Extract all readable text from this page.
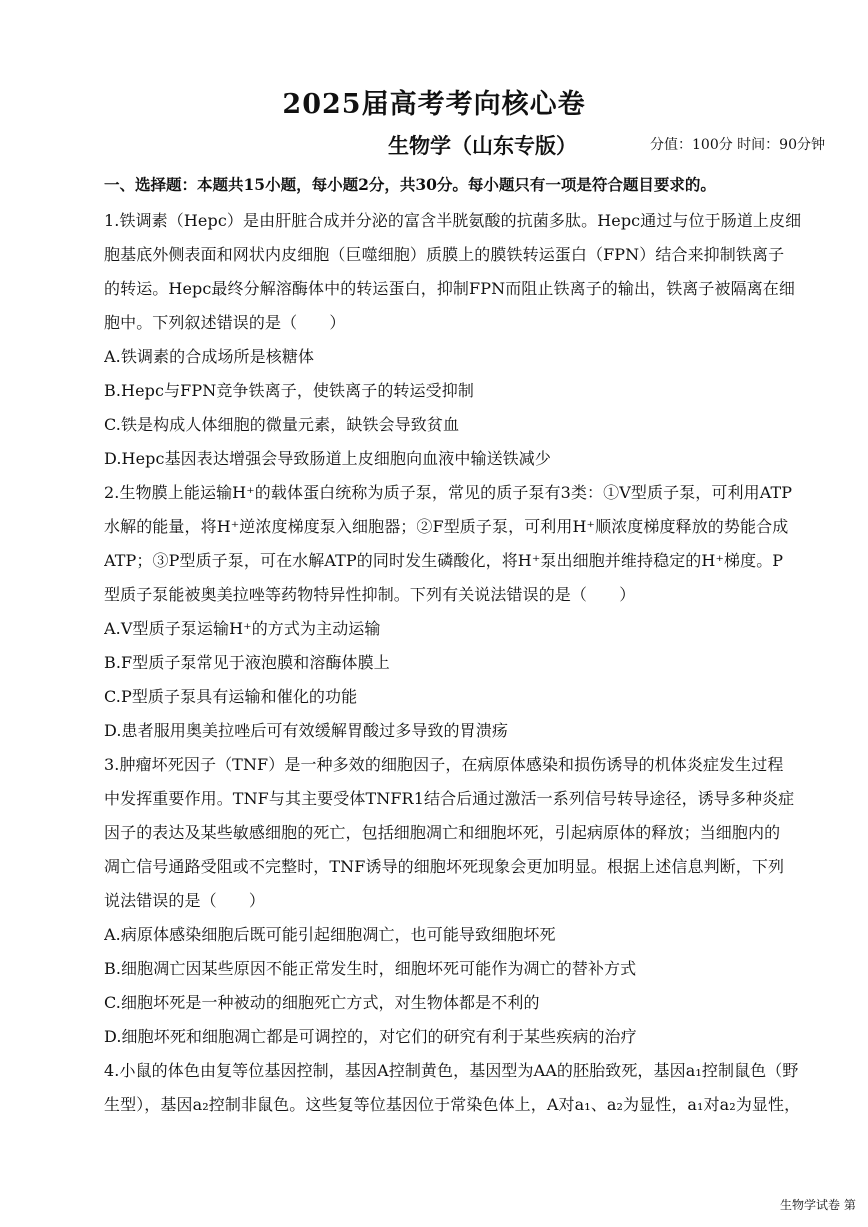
2025届高考考向核心卷
生物学（山东专版）	分值：100分 时间：90分钟
一、选择题：本题共15小题，每小题2分，共30分。每小题只有一项是符合题目要求的。
1.铁调素（Hepc）是由肝脏合成并分泌的富含半胱氨酸的抗菌多肽。Hepc通过与位于肠道上皮细
胞基底外侧表面和网状内皮细胞（巨噬细胞）质膜上的膜铁转运蛋白（FPN）结合来抑制铁离子
的转运。Hepc最终分解溶酶体中的转运蛋白，抑制FPN而阻止铁离子的输出，铁离子被隔离在细
胞中。下列叙述错误的是（　　）
A.铁调素的合成场所是核糖体
B.Hepc与FPN竞争铁离子，使铁离子的转运受抑制
C.铁是构成人体细胞的微量元素，缺铁会导致贫血
D.Hepc基因表达增强会导致肠道上皮细胞向血液中输送铁减少
2.生物膜上能运输H⁺的载体蛋白统称为质子泵，常见的质子泵有3类：①V型质子泵，可利用ATP
水解的能量，将H⁺逆浓度梯度泵入细胞器；②F型质子泵，可利用H⁺顺浓度梯度释放的势能合成
ATP；③P型质子泵，可在水解ATP的同时发生磷酸化，将H⁺泵出细胞并维持稳定的H⁺梯度。P
型质子泵能被奥美拉唑等药物特异性抑制。下列有关说法错误的是（　　）
A.V型质子泵运输H⁺的方式为主动运输
B.F型质子泵常见于液泡膜和溶酶体膜上
C.P型质子泵具有运输和催化的功能
D.患者服用奥美拉唑后可有效缓解胃酸过多导致的胃溃疡
3.肿瘤坏死因子（TNF）是一种多效的细胞因子，在病原体感染和损伤诱导的机体炎症发生过程
中发挥重要作用。TNF与其主要受体TNFR1结合后通过激活一系列信号转导途径，诱导多种炎症
因子的表达及某些敏感细胞的死亡，包括细胞凋亡和细胞坏死，引起病原体的释放；当细胞内的
凋亡信号通路受阻或不完整时，TNF诱导的细胞坏死现象会更加明显。根据上述信息判断，下列
说法错误的是（　　）
A.病原体感染细胞后既可能引起细胞凋亡，也可能导致细胞坏死
B.细胞凋亡因某些原因不能正常发生时，细胞坏死可能作为凋亡的替补方式
C.细胞坏死是一种被动的细胞死亡方式，对生物体都是不利的
D.细胞坏死和细胞凋亡都是可调控的，对它们的研究有利于某些疾病的治疗
4.小鼠的体色由复等位基因控制，基因A控制黄色，基因型为AA的胚胎致死，基因a₁控制鼠色（野
生型），基因a₂控制非鼠色。这些复等位基因位于常染色体上，A对a₁、a₂为显性，a₁对a₂为显性，
生物学试卷 第
